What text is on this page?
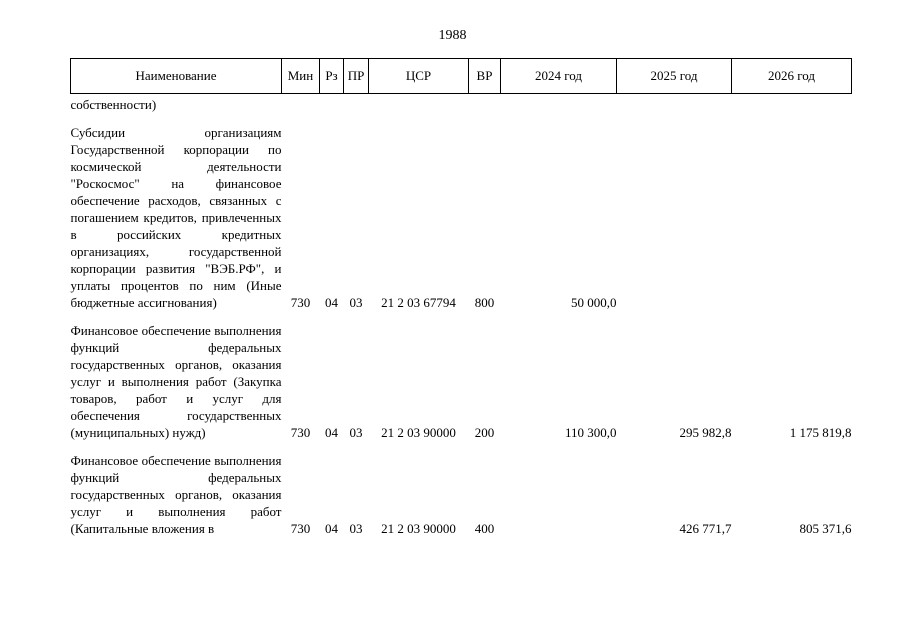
1988
Наименование	Мин	Рз	ПР	ЦСР	ВР	2024 год	2025 год	2026 год
собственности)								
Субсидии организациям Государственной корпорации по космической деятельности "Роскосмос" на финансовое обеспечение расходов, связанных с погашением кредитов, привлеченных в российских кредитных организациях, государственной корпорации развития "ВЭБ.РФ", и уплаты процентов по ним (Иные бюджетные ассигнования)	730	04	03	21 2 03 67794	800	50 000,0		
Финансовое обеспечение выполнения функций федеральных государственных органов, оказания услуг и выполнения работ (Закупка товаров, работ и услуг для обеспечения государственных (муниципальных) нужд)	730	04	03	21 2 03 90000	200	110 300,0	295 982,8	1 175 819,8
Финансовое обеспечение выполнения функций федеральных государственных органов, оказания услуг и выполнения работ (Капитальные вложения в	730	04	03	21 2 03 90000	400		426 771,7	805 371,6
